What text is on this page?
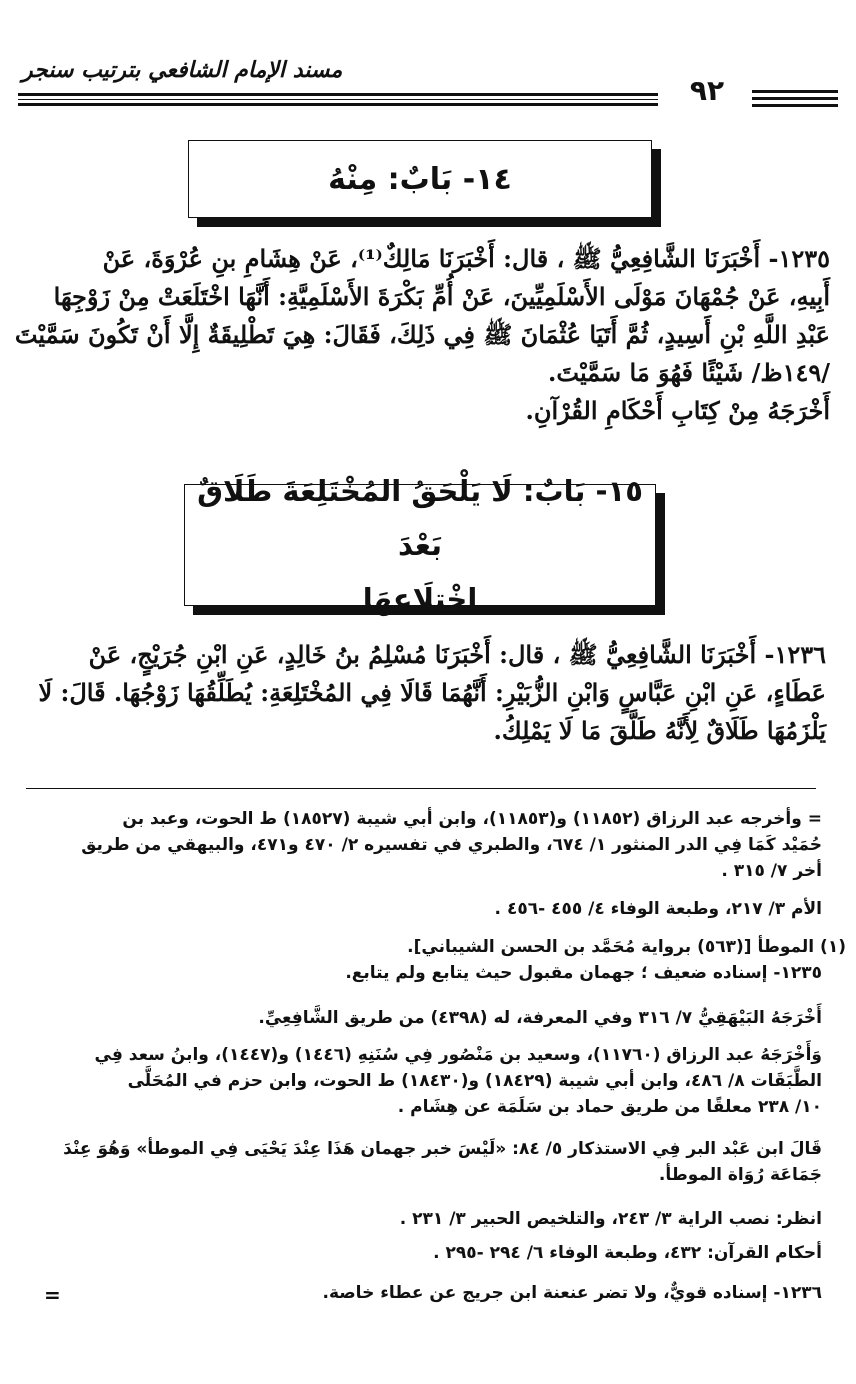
مسند الإمام الشافعي بترتيب سنجر
٩٢
١٤- بَابٌ: مِنْهُ
١٢٣٥- أَخْبَرَنَا الشَّافِعِيُّ ﷺ ، قال: أَخْبَرَنَا مَالِكٌ⁽¹⁾، عَنْ هِشَامِ بنِ عُرْوَةَ، عَنْ
أَبِيهِ، عَنْ جُمْهَانَ مَوْلَى الأَسْلَمِيِّينَ، عَنْ أُمِّ بَكْرَةَ الأَسْلَمِيَّةِ: أَنَّهَا اخْتَلَعَتْ مِنْ زَوْجِهَا
عَبْدِ اللَّهِ بْنِ أَسِيدٍ، ثُمَّ أَتَيَا عُثْمَانَ ﷺ فِي ذَلِكَ، فَقَالَ: هِيَ تَطْلِيقَةٌ إِلَّا أَنْ تَكُونَ سَمَّيْتَ
/١٤٩ظ/ شَيْئًا فَهُوَ مَا سَمَّيْتَ.
أَخْرَجَهُ مِنْ كِتَابِ أَحْكَامِ القُرْآنِ.
١٥- بَابٌ: لَا يَلْحَقُ المُخْتَلِعَةَ طَلَاقٌ بَعْدَ
اخْتِلَاعِهَا
١٢٣٦- أَخْبَرَنَا الشَّافِعِيُّ ﷺ ، قال: أَخْبَرَنَا مُسْلِمُ بنُ خَالِدٍ، عَنِ ابْنِ جُرَيْجٍ، عَنْ
عَطَاءٍ، عَنِ ابْنِ عَبَّاسٍ وَابْنِ الزُّبَيْرِ: أَنَّهُمَا قَالَا فِي المُخْتَلِعَةِ: يُطَلِّقُهَا زَوْجُهَا. قَالَ: لَا
يَلْزَمُهَا طَلَاقٌ لِأَنَّهُ طَلَّقَ مَا لَا يَمْلِكُ.
= وأخرجه عبد الرزاق (١١٨٥٢) و(١١٨٥٣)، وابن أبي شيبة (١٨٥٢٧) ط الحوت، وعبد بن
حُمَيْد كَمَا فِي الدر المنثور ١/ ٦٧٤، والطبري في تفسيره ٢/ ٤٧٠ و٤٧١، والبيهقي من طريق
أخر ٧/ ٣١٥ .
الأم ٣/ ٢١٧، وطبعة الوفاء ٤/ ٤٥٥ -٤٥٦ .
(١) الموطأ [(٥٦٣) برواية مُحَمَّد بن الحسن الشيباني].
١٢٣٥- إسناده ضعيف ؛ جهمان مقبول حيث يتابع ولم يتابع.
أَخْرَجَهُ البَيْهَقِيُّ ٧/ ٣١٦ وفي المعرفة، له (٤٣٩٨) من طريق الشَّافِعِيِّ.
وَأَخْرَجَهُ عبد الرزاق (١١٧٦٠)، وسعيد بن مَنْصُور فِي سُنَنِهِ (١٤٤٦) و(١٤٤٧)، وابنُ سعد فِي
الطَّبَقَات ٨/ ٤٨٦، وابن أبي شيبة (١٨٤٢٩) و(١٨٤٣٠) ط الحوت، وابن حزم في المُحَلَّى
١٠/ ٢٣٨ معلقًا من طريق حماد بن سَلَمَة عن هِشَام .
قَالَ ابن عَبْد البر فِي الاستذكار ٥/ ٨٤: «لَيْسَ خبر جهمان هَذَا عِنْدَ يَحْيَى فِي الموطأ» وَهُوَ عِنْدَ
جَمَاعَة رُوَاة الموطأ.
انظر: نصب الراية ٣/ ٢٤٣، والتلخيص الحبير ٣/ ٢٣١ .
أحكام القرآن: ٤٣٢، وطبعة الوفاء ٦/ ٢٩٤ -٢٩٥ .
١٢٣٦- إسناده قويٌّ، ولا تضر عنعنة ابن جريج عن عطاء خاصة.
=
